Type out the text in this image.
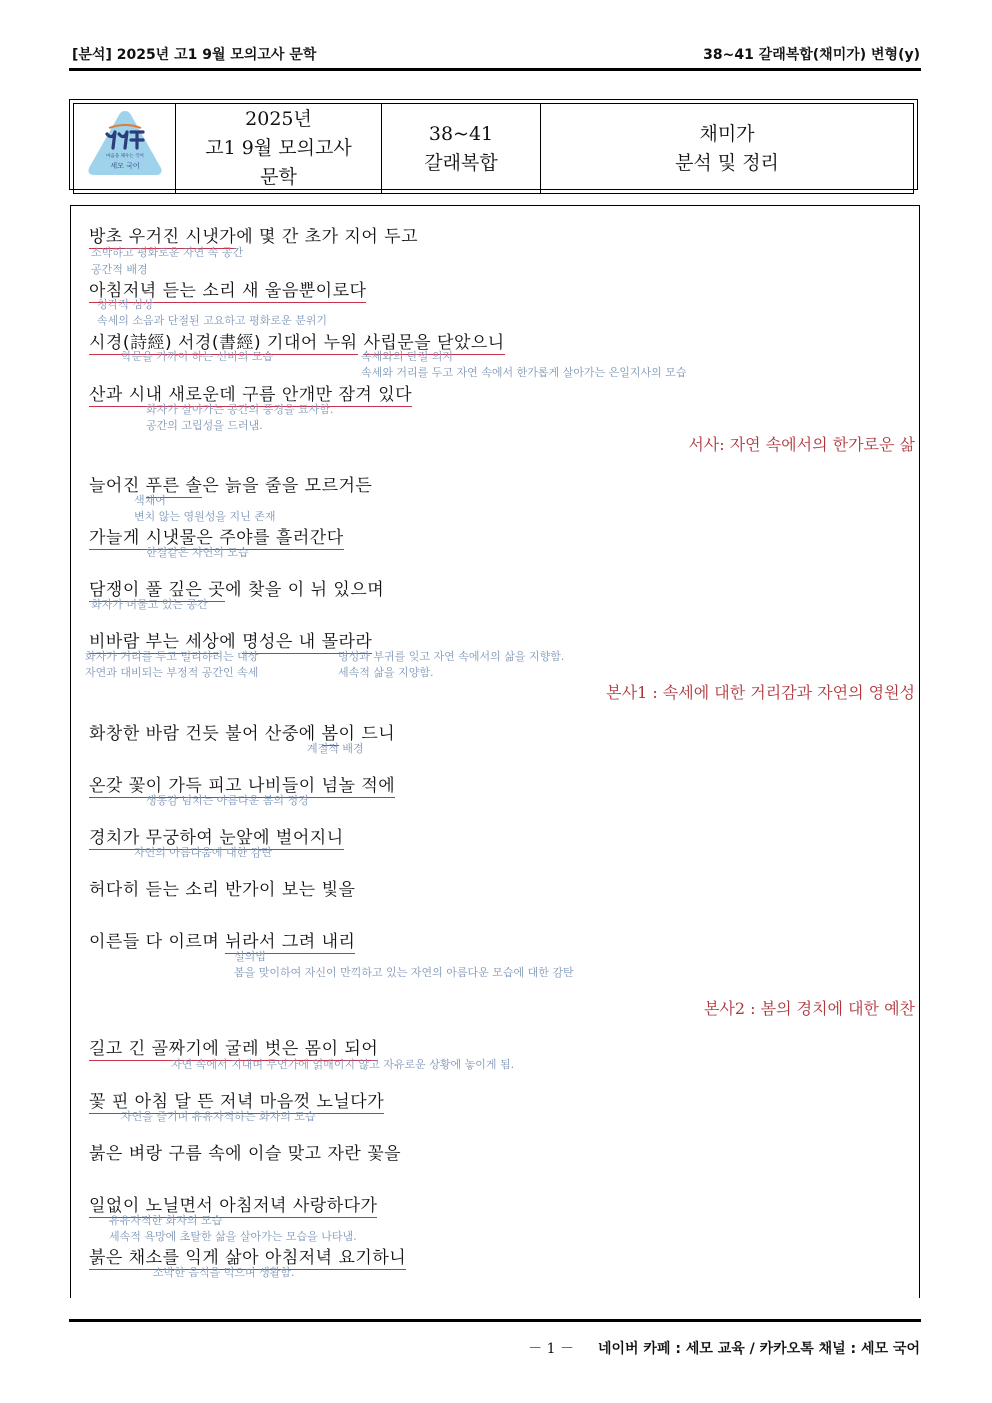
[분석] 2025년 고1 9월 모의고사 문학	38~41 갈래복합(채미가) 변형(y)
마음을 채우는 국어
세모 국어

2025년
고1 9월 모의고사
문학

38~41
갈래복합

채미가
분석 및 정리
방초 우거진 시냇가에 몇 간 초가 지어 두고
소박하고 평화로운 자연 속 공간
공간적 배경
아침저녁 듣는 소리 새 울음뿐이로다
청각적 심상
속세의 소음과 단절된 고요하고 평화로운 분위기
시경(詩經) 서경(書經) 기대어 누워 사립문을 닫았으니
학문을 가까이 하는 선비의 모습	속세와의 단절 의지
속세와 거리를 두고 자연 속에서 한가롭게 살아가는 은일지사의 모습
산과 시내 새로운데 구름 안개만 잠겨 있다
화자가 살아가는 공간의 풍경을 묘사함.
공간의 고립성을 드러냄.
서사: 자연 속에서의 한가로운 삶
늘어진 푸른 솔은 늙을 줄을 모르거든
색채어
변치 않는 영원성을 지닌 존재
가늘게 시냇물은 주야를 흘러간다
한결같은 자연의 모습
담쟁이 풀 깊은 곳에 찾을 이 뉘 있으며
화자가 머물고 있는 공간
비바람 부는 세상에 명성은 내 몰라라
화자가 거리를 두고 멀리하려는 대상	명성과 부귀를 잊고 자연 속에서의 삶을 지향함.
자연과 대비되는 부정적 공간인 속세	세속적 삶을 지양함.
본사1 : 속세에 대한 거리감과 자연의 영원성
화창한 바람 건듯 불어 산중에 봄이 드니
계절적 배경
온갖 꽃이 가득 피고 나비들이 넘놀 적에
생동감 넘치는 아름다운 봄의 정경
경치가 무궁하여 눈앞에 벌어지니
자연의 아름다움에 대한 감탄
허다히 듣는 소리 반가이 보는 빛을
이른들 다 이르며 뉘라서 그려 내리
설의법
봄을 맞이하여 자신이 만끽하고 있는 자연의 아름다운 모습에 대한 감탄
본사2 : 봄의 경치에 대한 예찬
길고 긴 골짜기에 굴레 벗은 몸이 되어
자연 속에서 지내며 무언가에 얽매이지 않고 자유로운 상황에 놓이게 됨.
꽃 핀 아침 달 뜬 저녁 마음껏 노닐다가
자연을 즐기며 유유자적하는 화자의 모습
붉은 벼랑 구름 속에 이슬 맞고 자란 꽃을
일없이 노닐면서 아침저녁 사랑하다가
유유자적한 화자의 모습
세속적 욕망에 초탈한 삶을 살아가는 모습을 나타냄.
붉은 채소를 익게 삶아 아침저녁 요기하니
소박한 음식을 먹으며 생활함.
－ 1 － 네이버 카페 : 세모 교육 / 카카오톡 채널 : 세모 국어
